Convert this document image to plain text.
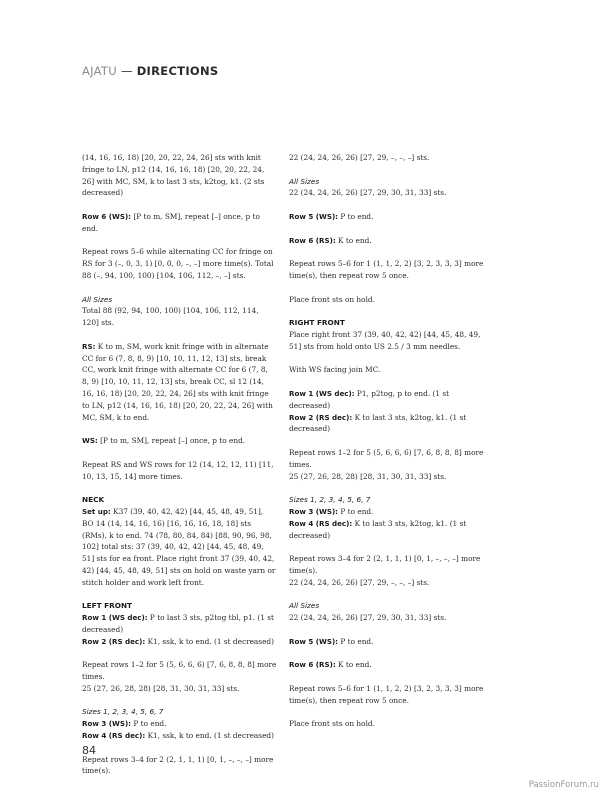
AJATU — DIRECTIONS

(14, 16, 16, 18) [20, 20, 22, 24, 26] sts with knit fringe to LN, p12 (14, 16, 16, 18) [20, 20, 22, 24, 26] with MC, SM, k to last 3 sts, k2tog, k1. (2 sts decreased)

Row 6 (WS): [P to m, SM], repeat [–] once, p to end.

Repeat rows 5–6 while alternating CC for fringe on RS for 3 (–, 0, 3, 1) [0, 0, 0, –, –] more time(s). Total 88 (–, 94, 100, 100) [104, 106, 112, –, –] sts.

All Sizes

Total 88 (92, 94, 100, 100) [104, 106, 112, 114, 120] sts.

RS: K to m, SM, work knit fringe with in alternate CC for 6 (7, 8, 8, 9) [10, 10, 11, 12, 13] sts, break CC, work knit fringe with alternate CC for 6 (7, 8, 8, 9) [10, 10, 11, 12, 13] sts, break CC, sl 12 (14, 16, 16, 18) [20, 20, 22, 24, 26] sts with knit fringe to LN, p12 (14, 16, 16, 18) [20, 20, 22, 24, 26] with MC, SM, k to end.

WS: [P to m, SM], repeat [–] once, p to end.

Repeat RS and WS rows for 12 (14, 12, 12, 11) [11, 10, 13, 15, 14] more times.

NECK

Set up: K37 (39, 40, 42, 42) [44, 45, 48, 49, 51], BO 14 (14, 14, 16, 16) [16, 16, 16, 18, 18] sts (RMs), k to end. 74 (78, 80, 84, 84) [88, 90, 96, 98, 102] total sts: 37 (39, 40, 42, 42) [44, 45, 48, 49, 51] sts for ea front. Place right front 37 (39, 40, 42, 42) [44, 45, 48, 49, 51] sts on hold on waste yarn or stitch holder and work left front.

LEFT FRONT

Row 1 (WS dec): P to last 3 sts, p2tog tbl, p1. (1 st decreased)

Row 2 (RS dec): K1, ssk, k to end. (1 st decreased)

Repeat rows 1–2 for 5 (5, 6, 6, 6) [7, 6, 8, 8, 8] more times.

25 (27, 26, 28, 28) [28, 31, 30, 31, 33] sts.

Sizes 1, 2, 3, 4, 5, 6, 7

Row 3 (WS): P to end.

Row 4 (RS dec): K1, ssk, k to end. (1 st decreased)

Repeat rows 3–4 for 2 (2, 1, 1, 1) [0, 1, –, –, –] more time(s).

22 (24, 24, 26, 26) [27, 29, –, –, –] sts.

All Sizes

22 (24, 24, 26, 26) [27, 29, 30, 31, 33] sts.

Row 5 (WS): P to end.

Row 6 (RS): K to end.

Repeat rows 5–6 for 1 (1, 1, 2, 2) [3, 2, 3, 3, 3] more time(s), then repeat row 5 once.

Place front sts on hold.

RIGHT FRONT

Place right front 37 (39, 40, 42, 42) [44, 45, 48, 49, 51] sts from hold onto US 2.5 / 3 mm needles.

With WS facing join MC.

Row 1 (WS dec): P1, p2tog, p to end. (1 st decreased)

Row 2 (RS dec): K to last 3 sts, k2tog, k1. (1 st decreased)

Repeat rows 1–2 for 5 (5, 6, 6, 6) [7, 6, 8, 8, 8] more times.

25 (27, 26, 28, 28) [28, 31, 30, 31, 33] sts.

Sizes 1, 2, 3, 4, 5, 6, 7

Row 3 (WS): P to end.

Row 4 (RS dec): K to last 3 sts, k2tog, k1. (1 st decreased)

Repeat rows 3–4 for 2 (2, 1, 1, 1) [0, 1, –, –, –] more time(s).

22 (24, 24, 26, 26) [27, 29, –, –, –] sts.

All Sizes

22 (24, 24, 26, 26) [27, 29, 30, 31, 33] sts.

Row 5 (WS): P to end.

Row 6 (RS): K to end.

Repeat rows 5–6 for 1 (1, 1, 2, 2) [3, 2, 3, 3, 3] more time(s), then repeat row 5 once.

Place front sts on hold.

84
PassionForum.ru
